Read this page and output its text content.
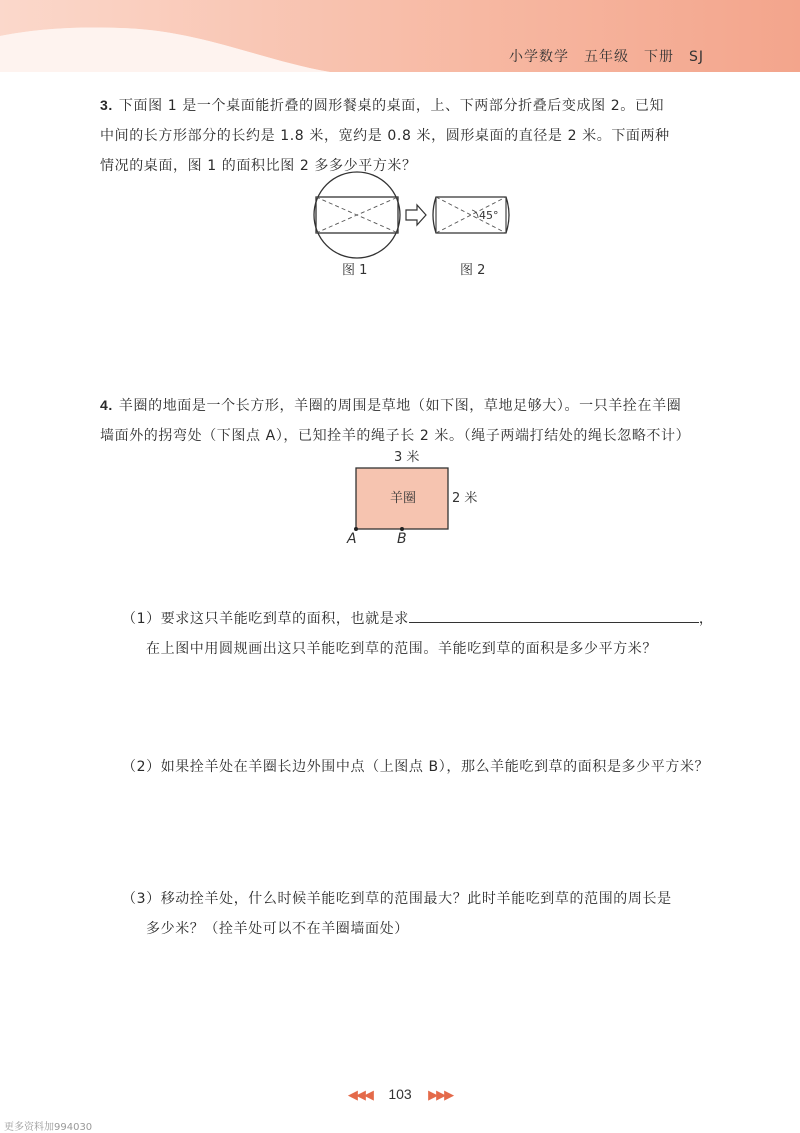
小学数学　五年级　下册　SJ
3. 下面图 1 是一个桌面能折叠的圆形餐桌的桌面，上、下两部分折叠后变成图 2。已知
中间的长方形部分的长约是 1.8 米，宽约是 0.8 米，圆形桌面的直径是 2 米。下面两种
情况的桌面，图 1 的面积比图 2 多多少平方米？
45°
图 1	图 2
4. 羊圈的地面是一个长方形，羊圈的周围是草地（如下图，草地足够大）。一只羊拴在羊圈
墙面外的拐弯处（下图点 A），已知拴羊的绳子长 2 米。（绳子两端打结处的绳长忽略不计）
3 米
羊圈	2 米
A	B
（1）要求这只羊能吃到草的面积，也就是求	，
在上图中用圆规画出这只羊能吃到草的范围。羊能吃到草的面积是多少平方米？
（2）如果拴羊处在羊圈长边外围中点（上图点 B），那么羊能吃到草的面积是多少平方米？
（3）移动拴羊处，什么时候羊能吃到草的范围最大？此时羊能吃到草的范围的周长是
多少米？（拴羊处可以不在羊圈墙面处）
◀◀◀ 103 ▶▶▶
更多资料加994030
